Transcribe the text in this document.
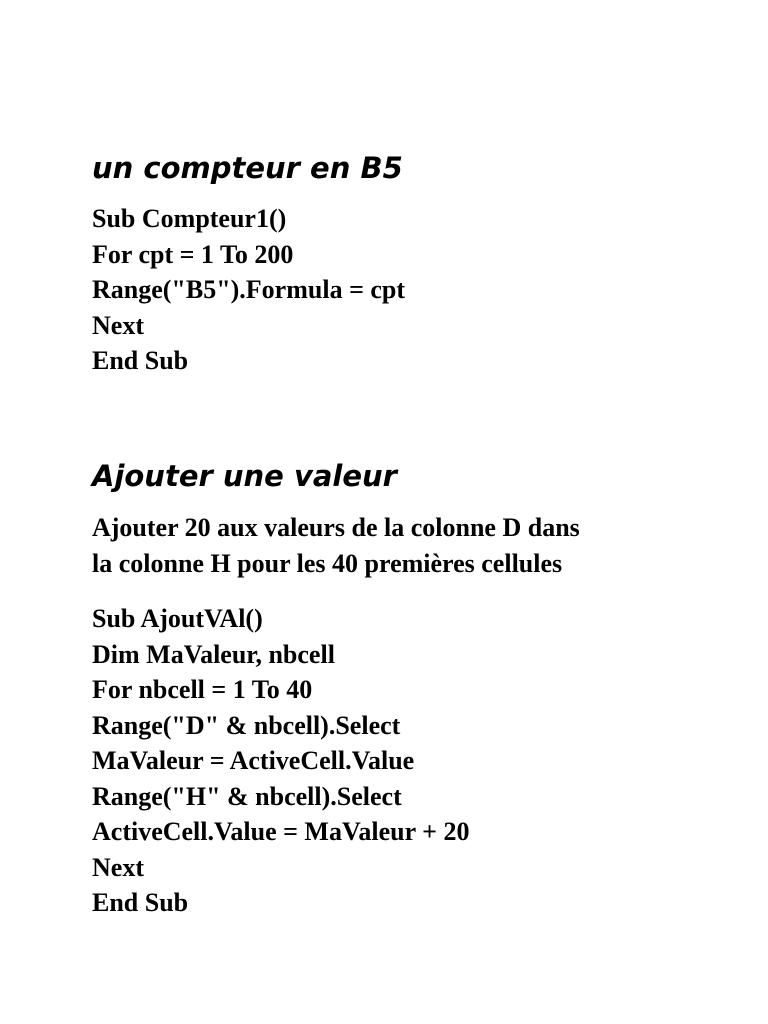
un compteur en B5
Sub Compteur1()
For cpt = 1 To 200
Range("B5").Formula = cpt
Next
End Sub
Ajouter une valeur
Ajouter 20 aux valeurs de la colonne D dans
la colonne H pour les 40 premières cellules
Sub AjoutVAl()
Dim MaValeur, nbcell
For nbcell = 1 To 40
Range("D" & nbcell).Select
MaValeur = ActiveCell.Value
Range("H" & nbcell).Select
ActiveCell.Value = MaValeur + 20
Next
End Sub
